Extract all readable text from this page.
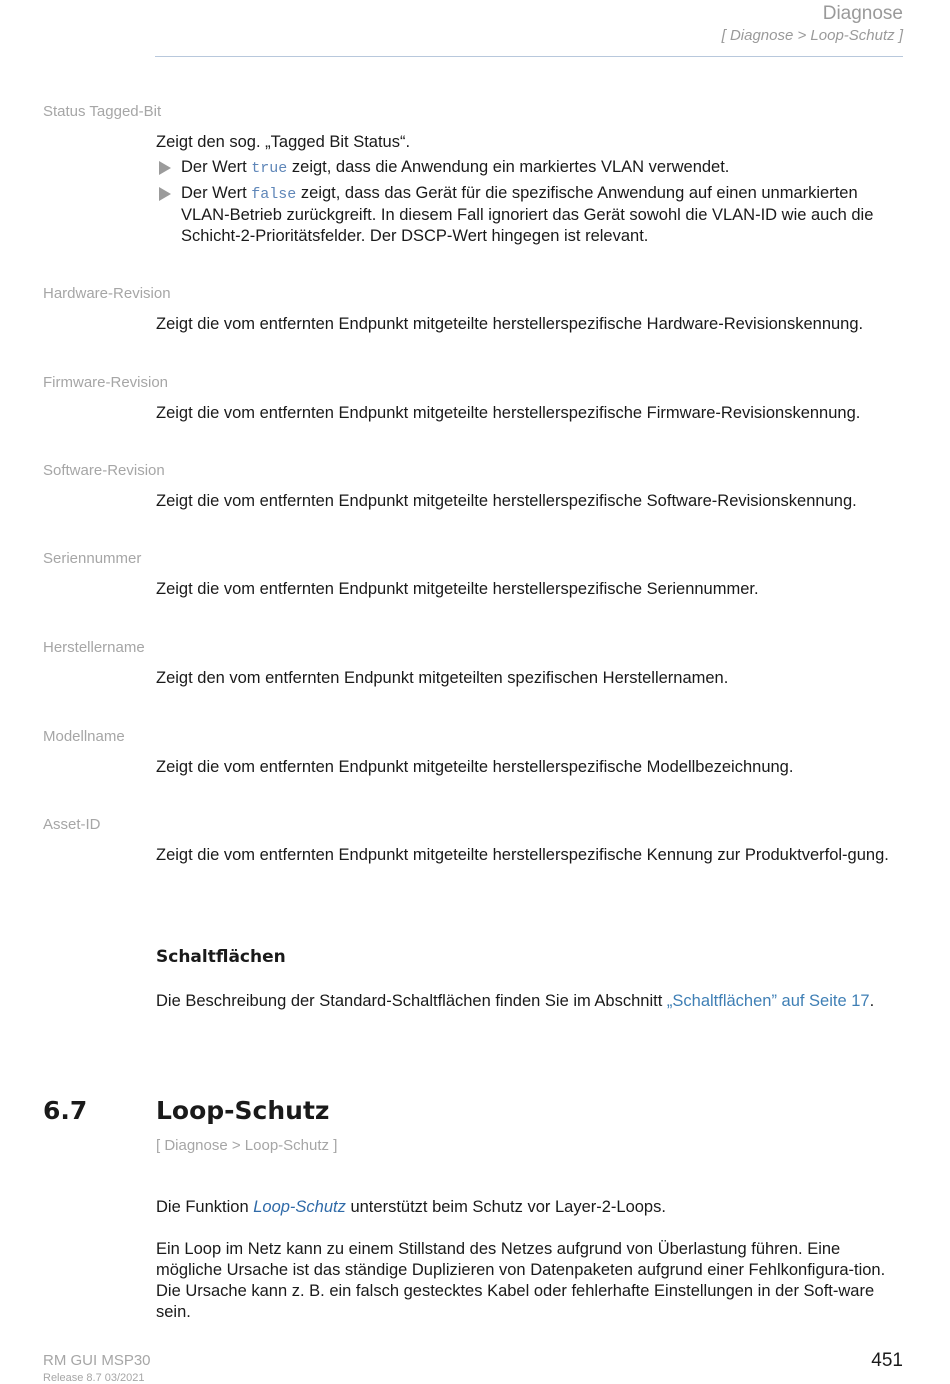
Diagnose
[ Diagnose > Loop-Schutz ]
Status Tagged-Bit
Zeigt den sog. „Tagged Bit Status“.
Der Wert true zeigt, dass die Anwendung ein markiertes VLAN verwendet.
Der Wert false zeigt, dass das Gerät für die spezifische Anwendung auf einen unmarkierten VLAN-Betrieb zurückgreift. In diesem Fall ignoriert das Gerät sowohl die VLAN-ID wie auch die Schicht-2-Prioritätsfelder. Der DSCP-Wert hingegen ist relevant.
Hardware-Revision
Zeigt die vom entfernten Endpunkt mitgeteilte herstellerspezifische Hardware-Revisionskennung.
Firmware-Revision
Zeigt die vom entfernten Endpunkt mitgeteilte herstellerspezifische Firmware-Revisionskennung.
Software-Revision
Zeigt die vom entfernten Endpunkt mitgeteilte herstellerspezifische Software-Revisionskennung.
Seriennummer
Zeigt die vom entfernten Endpunkt mitgeteilte herstellerspezifische Seriennummer.
Herstellername
Zeigt den vom entfernten Endpunkt mitgeteilten spezifischen Herstellernamen.
Modellname
Zeigt die vom entfernten Endpunkt mitgeteilte herstellerspezifische Modellbezeichnung.
Asset-ID
Zeigt die vom entfernten Endpunkt mitgeteilte herstellerspezifische Kennung zur Produktverfol-gung.
Schaltflächen
Die Beschreibung der Standard-Schaltflächen finden Sie im Abschnitt „Schaltflächen” auf Seite 17.
6.7	Loop-Schutz
[ Diagnose > Loop-Schutz ]
Die Funktion Loop-Schutz unterstützt beim Schutz vor Layer-2-Loops.
Ein Loop im Netz kann zu einem Stillstand des Netzes aufgrund von Überlastung führen. Eine mögliche Ursache ist das ständige Duplizieren von Datenpaketen aufgrund einer Fehlkonfigura-tion. Die Ursache kann z. B. ein falsch gestecktes Kabel oder fehlerhafte Einstellungen in der Soft-ware sein.
RM GUI MSP30
Release 8.7 03/2021
451
